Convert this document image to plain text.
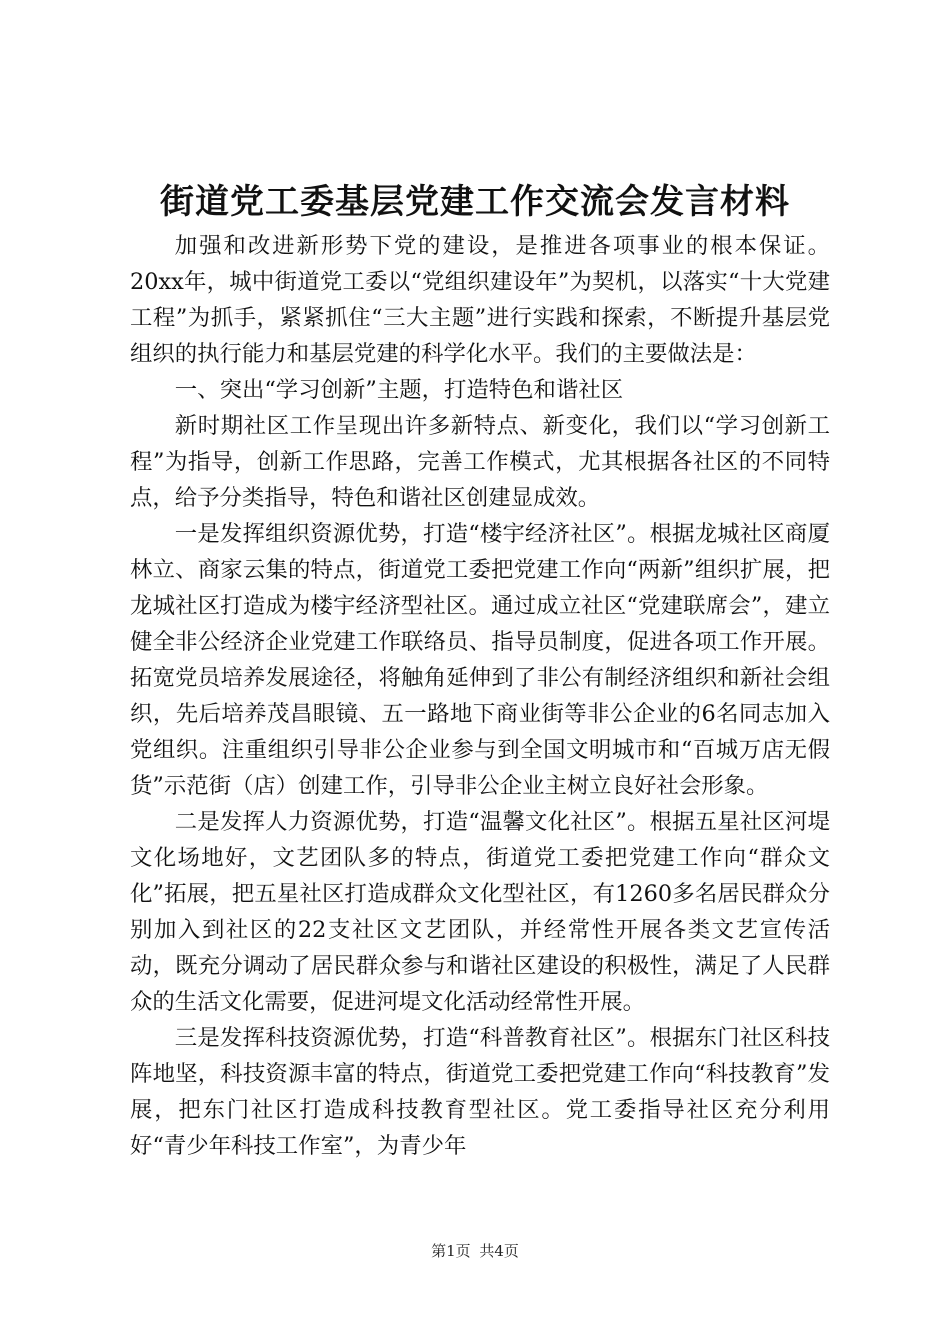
街道党工委基层党建工作交流会发言材料

加强和改进新形势下党的建设，是推进各项事业的根本保证。20xx年，城中街道党工委以“党组织建设年”为契机，以落实“十大党建工程”为抓手，紧紧抓住“三大主题”进行实践和探索，不断提升基层党组织的执行能力和基层党建的科学化水平。我们的主要做法是：

一、突出“学习创新”主题，打造特色和谐社区

新时期社区工作呈现出许多新特点、新变化，我们以“学习创新工程”为指导，创新工作思路，完善工作模式，尤其根据各社区的不同特点，给予分类指导，特色和谐社区创建显成效。

一是发挥组织资源优势，打造“楼宇经济社区”。根据龙城社区商厦林立、商家云集的特点，街道党工委把党建工作向“两新”组织扩展，把龙城社区打造成为楼宇经济型社区。通过成立社区“党建联席会”，建立健全非公经济企业党建工作联络员、指导员制度，促进各项工作开展。拓宽党员培养发展途径，将触角延伸到了非公有制经济组织和新社会组织，先后培养茂昌眼镜、五一路地下商业街等非公企业的6名同志加入党组织。注重组织引导非公企业参与到全国文明城市和“百城万店无假货”示范街（店）创建工作，引导非公企业主树立良好社会形象。

二是发挥人力资源优势，打造“温馨文化社区”。根据五星社区河堤文化场地好，文艺团队多的特点，街道党工委把党建工作向“群众文化”拓展，把五星社区打造成群众文化型社区，有1260多名居民群众分别加入到社区的22支社区文艺团队，并经常性开展各类文艺宣传活动，既充分调动了居民群众参与和谐社区建设的积极性，满足了人民群众的生活文化需要，促进河堤文化活动经常性开展。

三是发挥科技资源优势，打造“科普教育社区”。根据东门社区科技阵地坚，科技资源丰富的特点，街道党工委把党建工作向“科技教育”发展，把东门社区打造成科技教育型社区。党工委指导社区充分利用好“青少年科技工作室”，为青少年

第1页 共4页
